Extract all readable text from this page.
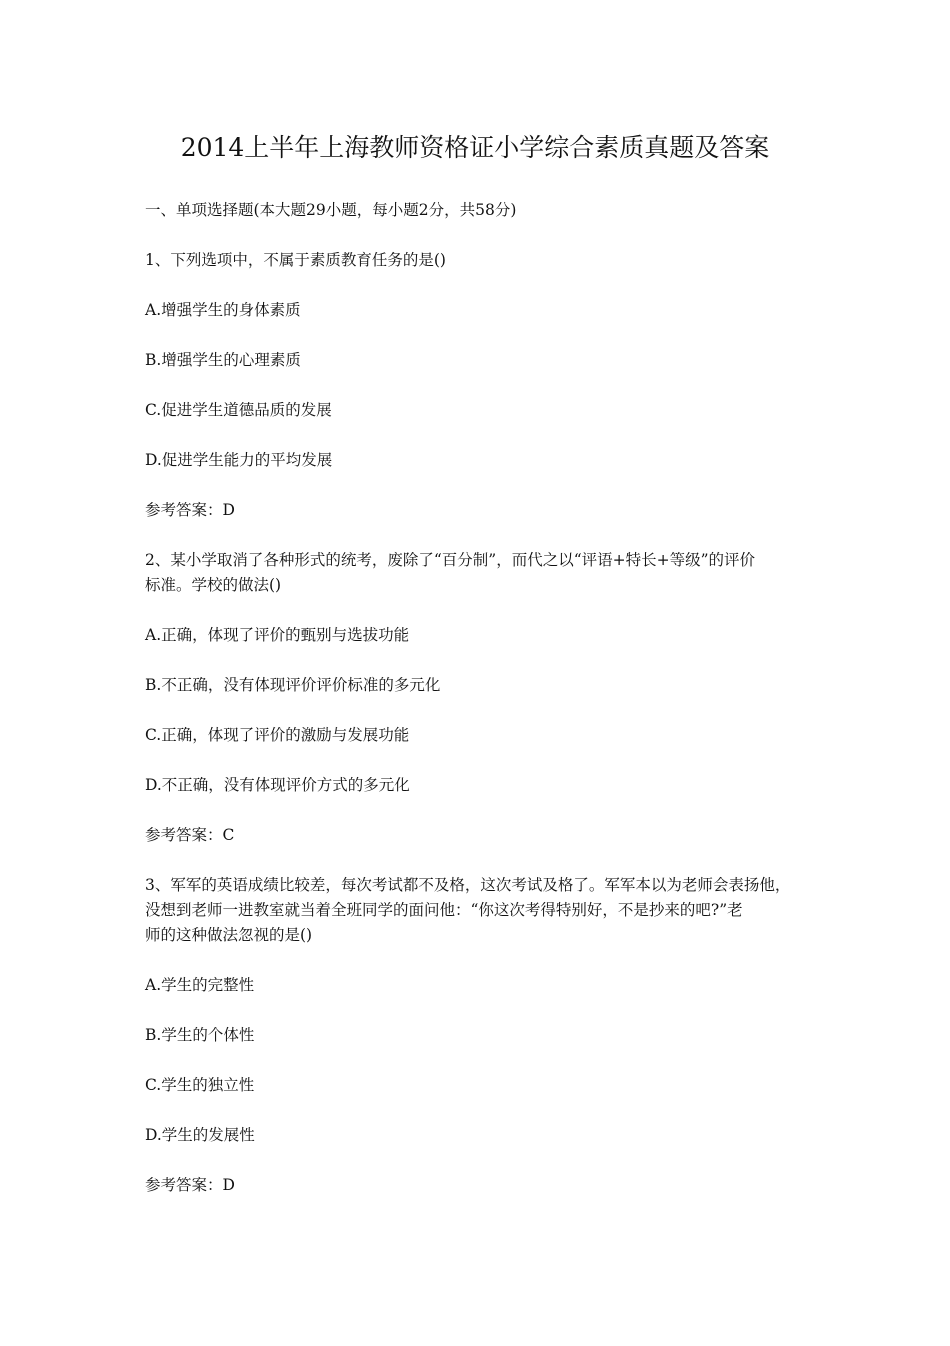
2014上半年上海教师资格证小学综合素质真题及答案
一、单项选择题(本大题29小题，每小题2分，共58分)
1、下列选项中，不属于素质教育任务的是()
A.增强学生的身体素质
B.增强学生的心理素质
C.促进学生道德品质的发展
D.促进学生能力的平均发展
参考答案：D
2、某小学取消了各种形式的统考，废除了“百分制”，而代之以“评语+特长+等级”的评价
标准。学校的做法()
A.正确，体现了评价的甄别与选拔功能
B.不正确，没有体现评价评价标准的多元化
C.正确，体现了评价的激励与发展功能
D.不正确，没有体现评价方式的多元化
参考答案：C
3、军军的英语成绩比较差，每次考试都不及格，这次考试及格了。军军本以为老师会表扬他，
没想到老师一进教室就当着全班同学的面问他：“你这次考得特别好，不是抄来的吧?”老
师的这种做法忽视的是()
A.学生的完整性
B.学生的个体性
C.学生的独立性
D.学生的发展性
参考答案：D
